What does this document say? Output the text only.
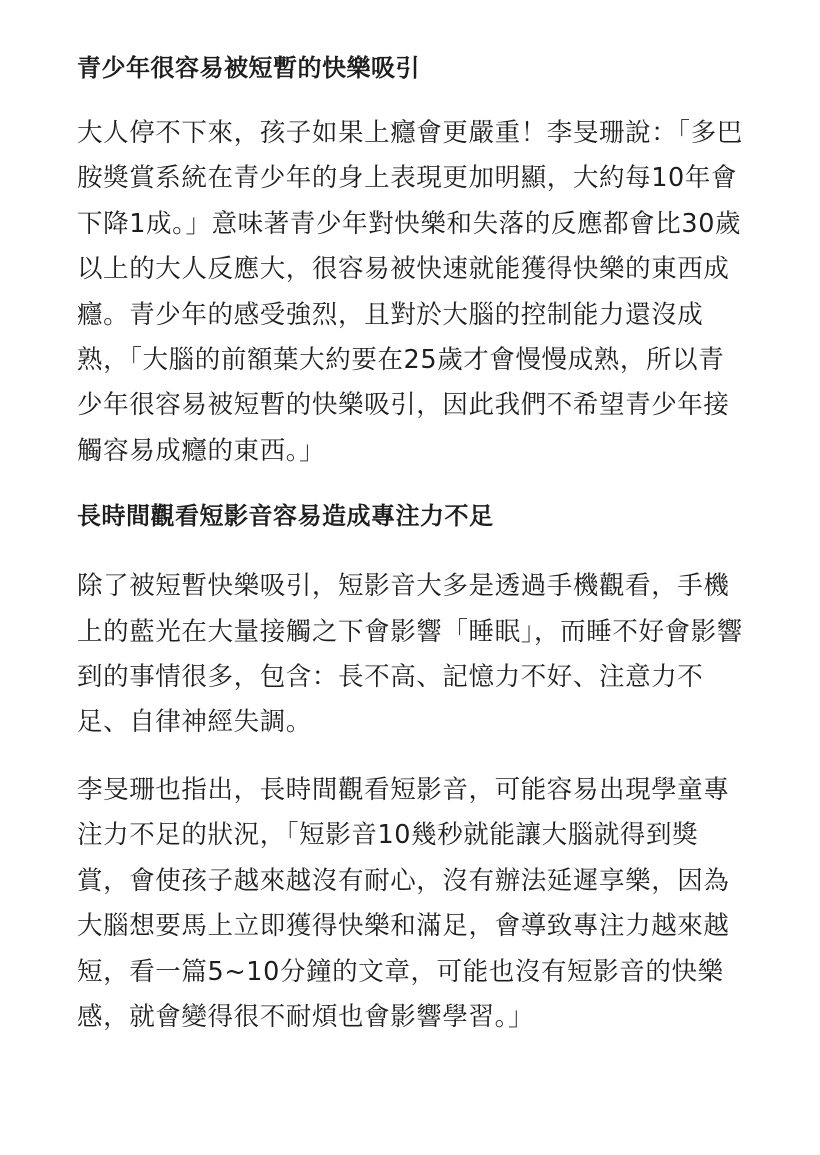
青少年很容易被短暫的快樂吸引

大人停不下來，孩子如果上癮會更嚴重！李旻珊說：「多巴胺獎賞系統在青少年的身上表現更加明顯，大約每10年會下降1成。」意味著青少年對快樂和失落的反應都會比30歲以上的大人反應大，很容易被快速就能獲得快樂的東西成癮。青少年的感受強烈，且對於大腦的控制能力還沒成熟，「大腦的前額葉大約要在25歲才會慢慢成熟，所以青少年很容易被短暫的快樂吸引，因此我們不希望青少年接觸容易成癮的東西。」

長時間觀看短影音容易造成專注力不足

除了被短暫快樂吸引，短影音大多是透過手機觀看，手機上的藍光在大量接觸之下會影響「睡眠」，而睡不好會影響到的事情很多，包含：長不高、記憶力不好、注意力不足、自律神經失調。

李旻珊也指出，長時間觀看短影音，可能容易出現學童專注力不足的狀況，「短影音10幾秒就能讓大腦就得到獎賞，會使孩子越來越沒有耐心，沒有辦法延遲享樂，因為大腦想要馬上立即獲得快樂和滿足，會導致專注力越來越短，看一篇5~10分鐘的文章，可能也沒有短影音的快樂感，就會變得很不耐煩也會影響學習。」
